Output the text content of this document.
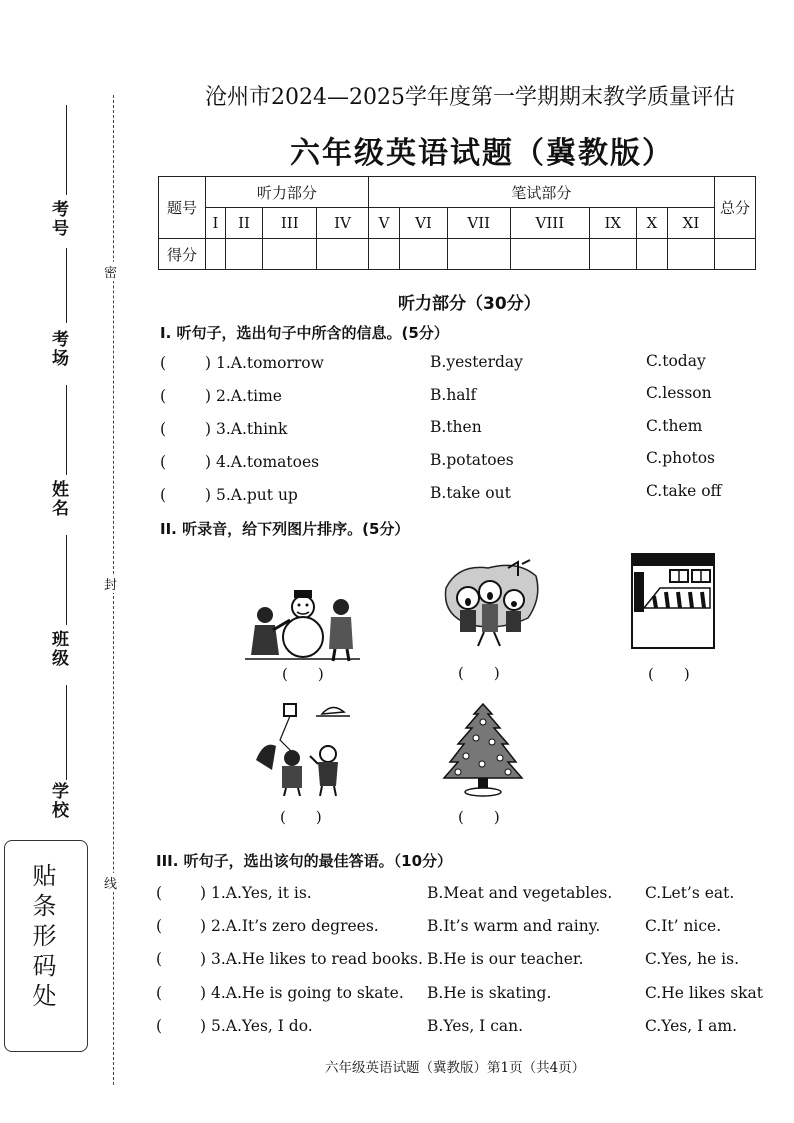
考号
考场
姓名
班级
学校
密
封
线
贴条形码处
沧州市2024—2025学年度第一学期期末教学质量评估
六年级英语试题（冀教版）
题号	听力部分				笔试部分							总分
	I	II	III	IV	V	VI	VII	VIII	IX	X	XI	
得分												
听力部分（30分）
I. 听句子，选出句子中所含的信息。(5分）
(	) 1.A.tomorrow	B.yesterday	C.today
(	) 2.A.time	B.half	C.lesson
(	) 3.A.think	B.then	C.them
(	) 4.A.tomatoes	B.potatoes	C.photos
(	) 5.A.put up	B.take out	C.take off
II. 听录音，给下列图片排序。(5分）
(　　)	(　　)	(　　)
(　　)	(　　)
III. 听句子，选出该句的最佳答语。（10分）
( ) 1.A.Yes, it is.	B.Meat and vegetables. C.Let’s eat.
( ) 2.A.It’s zero degrees.	B.It’s warm and rainy.	C.It’ nice.
( ) 3.A.He likes to read books. B.He is our teacher.	C.Yes, he is.
( ) 4.A.He is going to skate. B.He is skating.	C.He likes skat
( ) 5.A.Yes, I do.	B.Yes, I can.	C.Yes, I am.
六年级英语试题（冀教版）第1页（共4页）
